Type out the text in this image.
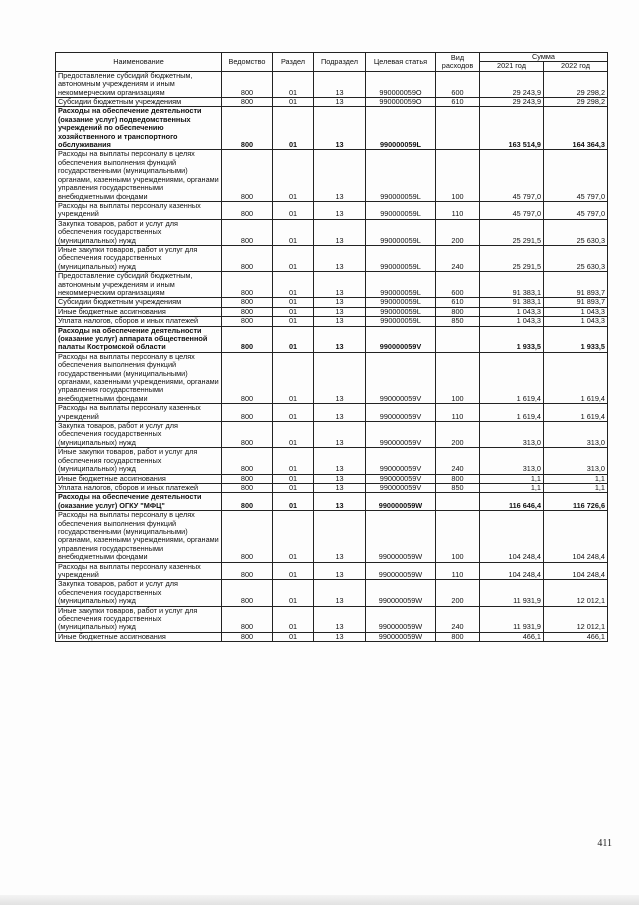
Наименование	Ведомство	Раздел	Подраздел	Целевая статья	Вид расходов	Сумма	
						2021 год	2022 год
Предоставление субсидий бюджетным, автономным учреждениям и иным некоммерческим организациям	800	01	13	990000059О	600	29 243,9	29 298,2
Субсидии бюджетным учреждениям	800	01	13	990000059О	610	29 243,9	29 298,2
Расходы на обеспечение деятельности (оказание услуг) подведомственных учреждений по обеспечению хозяйственного и транспортного обслуживания	800	01	13	990000059L		163 514,9	164 364,3
Расходы на выплаты персоналу в целях обеспечения выполнения функций государственными (муниципальными) органами, казенными учреждениями, органами управления государственными внебюджетными фондами	800	01	13	990000059L	100	45 797,0	45 797,0
Расходы на выплаты персоналу казенных учреждений	800	01	13	990000059L	110	45 797,0	45 797,0
Закупка товаров, работ и услуг для обеспечения государственных (муниципальных) нужд	800	01	13	990000059L	200	25 291,5	25 630,3
Иные закупки товаров, работ и услуг для обеспечения государственных (муниципальных) нужд	800	01	13	990000059L	240	25 291,5	25 630,3
Предоставление субсидий бюджетным, автономным учреждениям и иным некоммерческим организациям	800	01	13	990000059L	600	91 383,1	91 893,7
Субсидии бюджетным учреждениям	800	01	13	990000059L	610	91 383,1	91 893,7
Иные бюджетные ассигнования	800	01	13	990000059L	800	1 043,3	1 043,3
Уплата налогов, сборов и иных платежей	800	01	13	990000059L	850	1 043,3	1 043,3
Расходы на обеспечение деятельности (оказание услуг) аппарата общественной палаты Костромской области	800	01	13	990000059V		1 933,5	1 933,5
Расходы на выплаты персоналу в целях обеспечения выполнения функций государственными (муниципальными) органами, казенными учреждениями, органами управления государственными внебюджетными фондами	800	01	13	990000059V	100	1 619,4	1 619,4
Расходы на выплаты персоналу казенных учреждений	800	01	13	990000059V	110	1 619,4	1 619,4
Закупка товаров, работ и услуг для обеспечения государственных (муниципальных) нужд	800	01	13	990000059V	200	313,0	313,0
Иные закупки товаров, работ и услуг для обеспечения государственных (муниципальных) нужд	800	01	13	990000059V	240	313,0	313,0
Иные бюджетные ассигнования	800	01	13	990000059V	800	1,1	1,1
Уплата налогов, сборов и иных платежей	800	01	13	990000059V	850	1,1	1,1
Расходы на обеспечение деятельности (оказание услуг) ОГКУ "МФЦ"	800	01	13	990000059W		116 646,4	116 726,6
Расходы на выплаты персоналу в целях обеспечения выполнения функций государственными (муниципальными) органами, казенными учреждениями, органами управления государственными внебюджетными фондами	800	01	13	990000059W	100	104 248,4	104 248,4
Расходы на выплаты персоналу казенных учреждений	800	01	13	990000059W	110	104 248,4	104 248,4
Закупка товаров, работ и услуг для обеспечения государственных (муниципальных) нужд	800	01	13	990000059W	200	11 931,9	12 012,1
Иные закупки товаров, работ и услуг для обеспечения государственных (муниципальных) нужд	800	01	13	990000059W	240	11 931,9	12 012,1
Иные бюджетные ассигнования	800	01	13	990000059W	800	466,1	466,1
411
